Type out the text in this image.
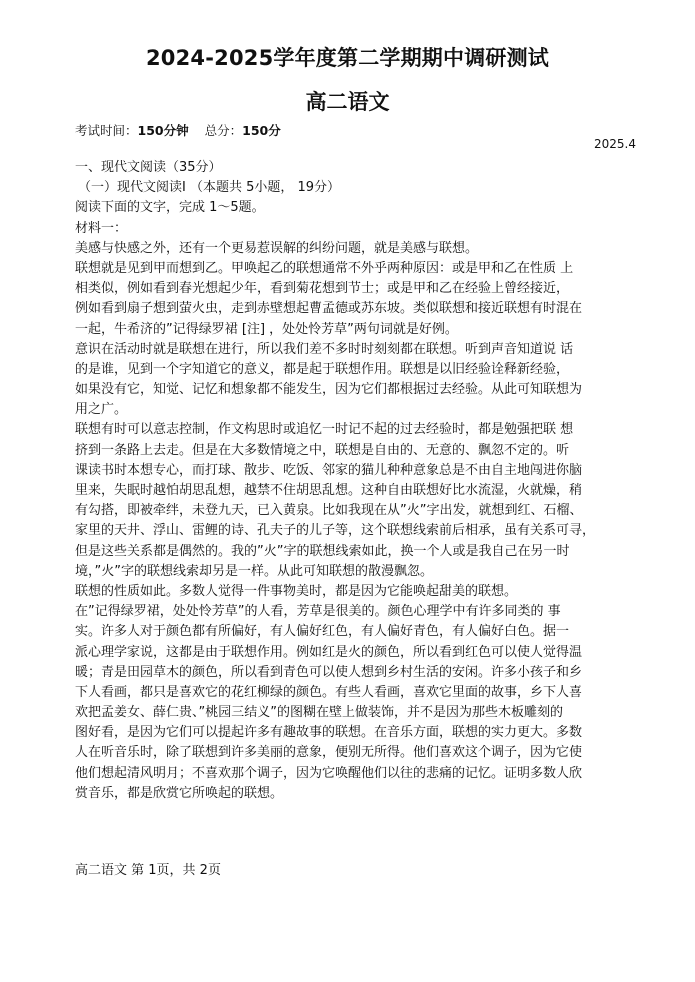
2024-2025学年度第二学期期中调研测试
高二语文
考试时间：150分钟 总分：150分
2025.4
一、现代文阅读（35分）
（一）现代文阅读Ⅰ （本题共 5小题， 19分）
阅读下面的文字，完成 1～5题。
材料一：
美感与快感之外，还有一个更易惹误解的纠纷问题，就是美感与联想。
联想就是见到甲而想到乙。甲唤起乙的联想通常不外乎两种原因：或是甲和乙在性质 上
相类似，例如看到春光想起少年，看到菊花想到节士；或是甲和乙在经验上曾经接近，
例如看到扇子想到萤火虫，走到赤壁想起曹孟德或苏东坡。类似联想和接近联想有时混在
一起，牛希济的”记得绿罗裙 [注] ，处处怜芳草”两句词就是好例。
意识在活动时就是联想在进行，所以我们差不多时时刻刻都在联想。听到声音知道说 话
的是谁，见到一个字知道它的意义，都是起于联想作用。联想是以旧经验诠释新经验，
如果没有它，知觉、记忆和想象都不能发生，因为它们都根据过去经验。从此可知联想为
用之广。
联想有时可以意志控制，作文构思时或追忆一时记不起的过去经验时，都是勉强把联 想
挤到一条路上去走。但是在大多数情境之中，联想是自由的、无意的、飘忽不定的。听
课读书时本想专心，而打球、散步、吃饭、邻家的猫儿种种意象总是不由自主地闯进你脑
里来，失眠时越怕胡思乱想，越禁不住胡思乱想。这种自由联想好比水流湿，火就燥，稍
有勾搭，即被牵绊，未登九天，已入黄泉。比如我现在从”火”字出发，就想到红、石榴、
家里的天井、浮山、雷鲤的诗、孔夫子的儿子等，这个联想线索前后相承，虽有关系可寻，
但是这些关系都是偶然的。我的”火”字的联想线索如此，换一个人或是我自己在另一时
境，”火”字的联想线索却另是一样。从此可知联想的散漫飘忽。
联想的性质如此。多数人觉得一件事物美时，都是因为它能唤起甜美的联想。
在”记得绿罗裙，处处怜芳草”的人看，芳草是很美的。颜色心理学中有许多同类的 事
实。许多人对于颜色都有所偏好，有人偏好红色，有人偏好青色，有人偏好白色。据一
派心理学家说，这都是由于联想作用。例如红是火的颜色，所以看到红色可以使人觉得温
暖；青是田园草木的颜色，所以看到青色可以使人想到乡村生活的安闲。许多小孩子和乡
下人看画，都只是喜欢它的花红柳绿的颜色。有些人看画，喜欢它里面的故事，乡下人喜
欢把孟姜女、薛仁贵、”桃园三结义”的图糊在壁上做装饰，并不是因为那些木板雕刻的
图好看，是因为它们可以提起许多有趣故事的联想。在音乐方面，联想的实力更大。多数
人在听音乐时，除了联想到许多美丽的意象，便别无所得。他们喜欢这个调子，因为它使
他们想起清风明月；不喜欢那个调子，因为它唤醒他们以往的悲痛的记忆。证明多数人欣
赏音乐，都是欣赏它所唤起的联想。
高二语文 第 1页，共 2页
